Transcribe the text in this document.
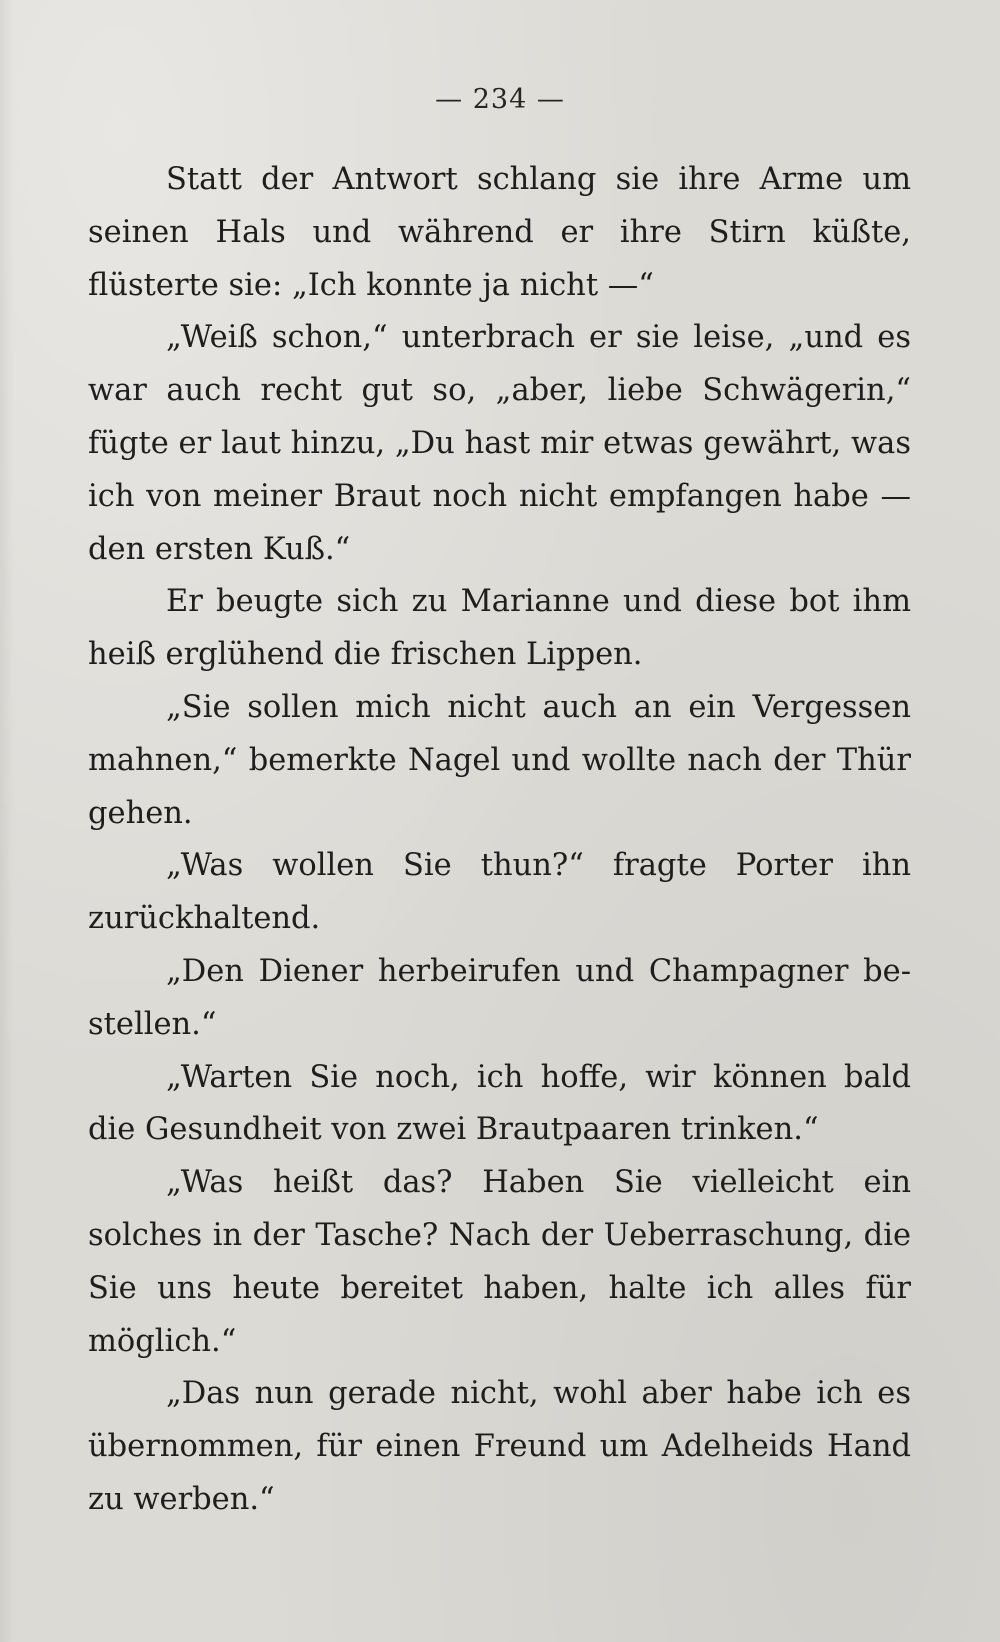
— 234 —

Statt der Antwort schlang sie ihre Arme um seinen Hals und während er ihre Stirn küßte, flüsterte sie: „Ich konnte ja nicht —“

„Weiß schon,“ unterbrach er sie leise, „und es war auch recht gut so, „aber, liebe Schwägerin,“ fügte er laut hinzu, „Du hast mir etwas gewährt, was ich von meiner Braut noch nicht empfangen habe — den ersten Kuß.“

Er beugte sich zu Marianne und diese bot ihm heiß erglühend die frischen Lippen.

„Sie sollen mich nicht auch an ein Vergessen mahnen,“ bemerkte Nagel und wollte nach der Thür gehen.

„Was wollen Sie thun?“ fragte Porter ihn zurückhaltend.

„Den Diener herbeirufen und Champagner be-stellen.“

„Warten Sie noch, ich hoffe, wir können bald die Gesundheit von zwei Brautpaaren trinken.“

„Was heißt das? Haben Sie vielleicht ein solches in der Tasche? Nach der Ueberraschung, die Sie uns heute bereitet haben, halte ich alles für möglich.“

„Das nun gerade nicht, wohl aber habe ich es übernommen, für einen Freund um Adelheids Hand zu werben.“
